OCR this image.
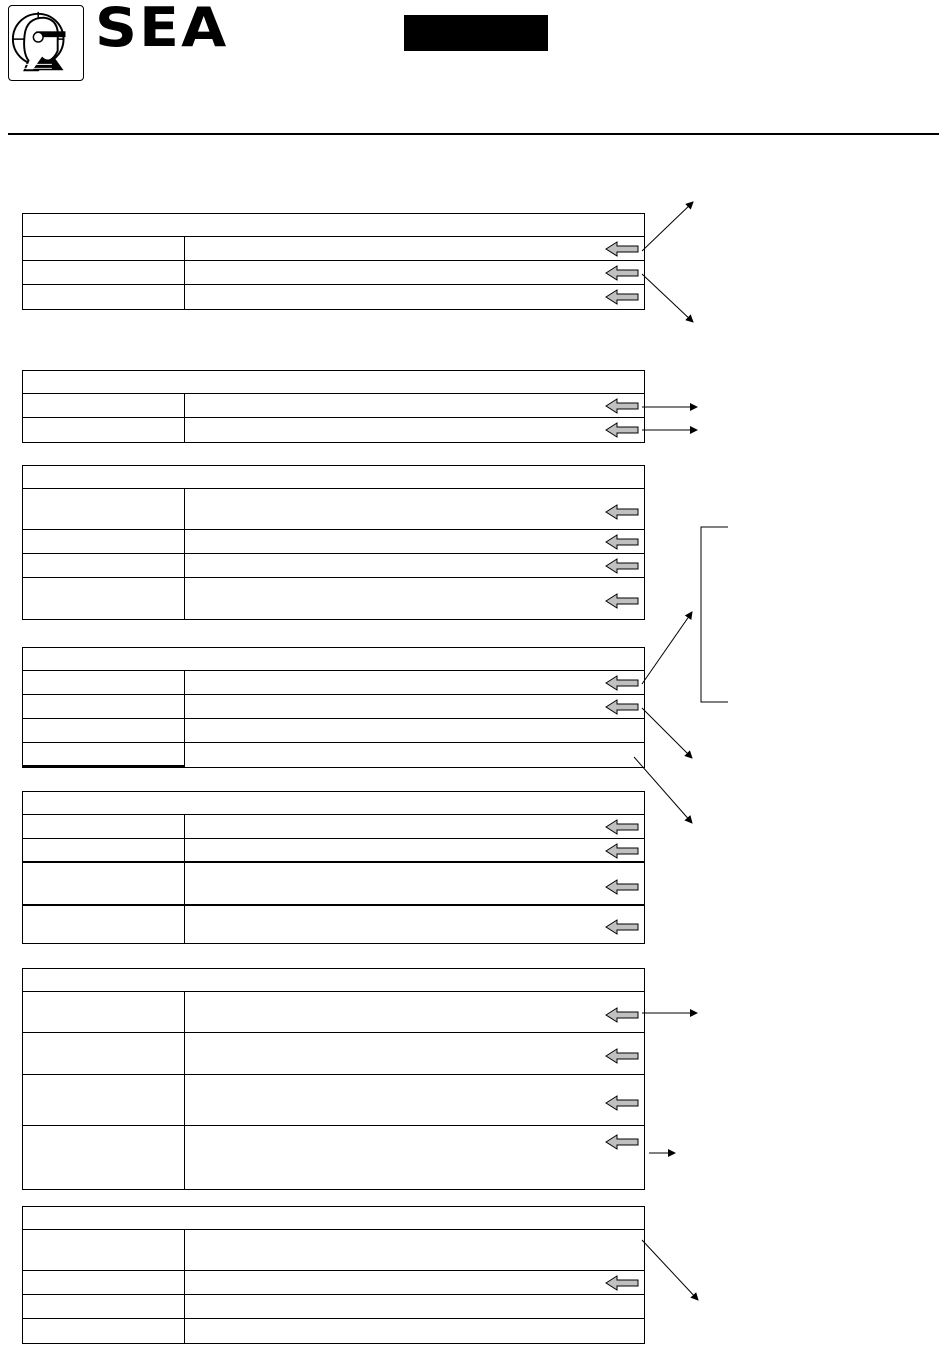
SEA
